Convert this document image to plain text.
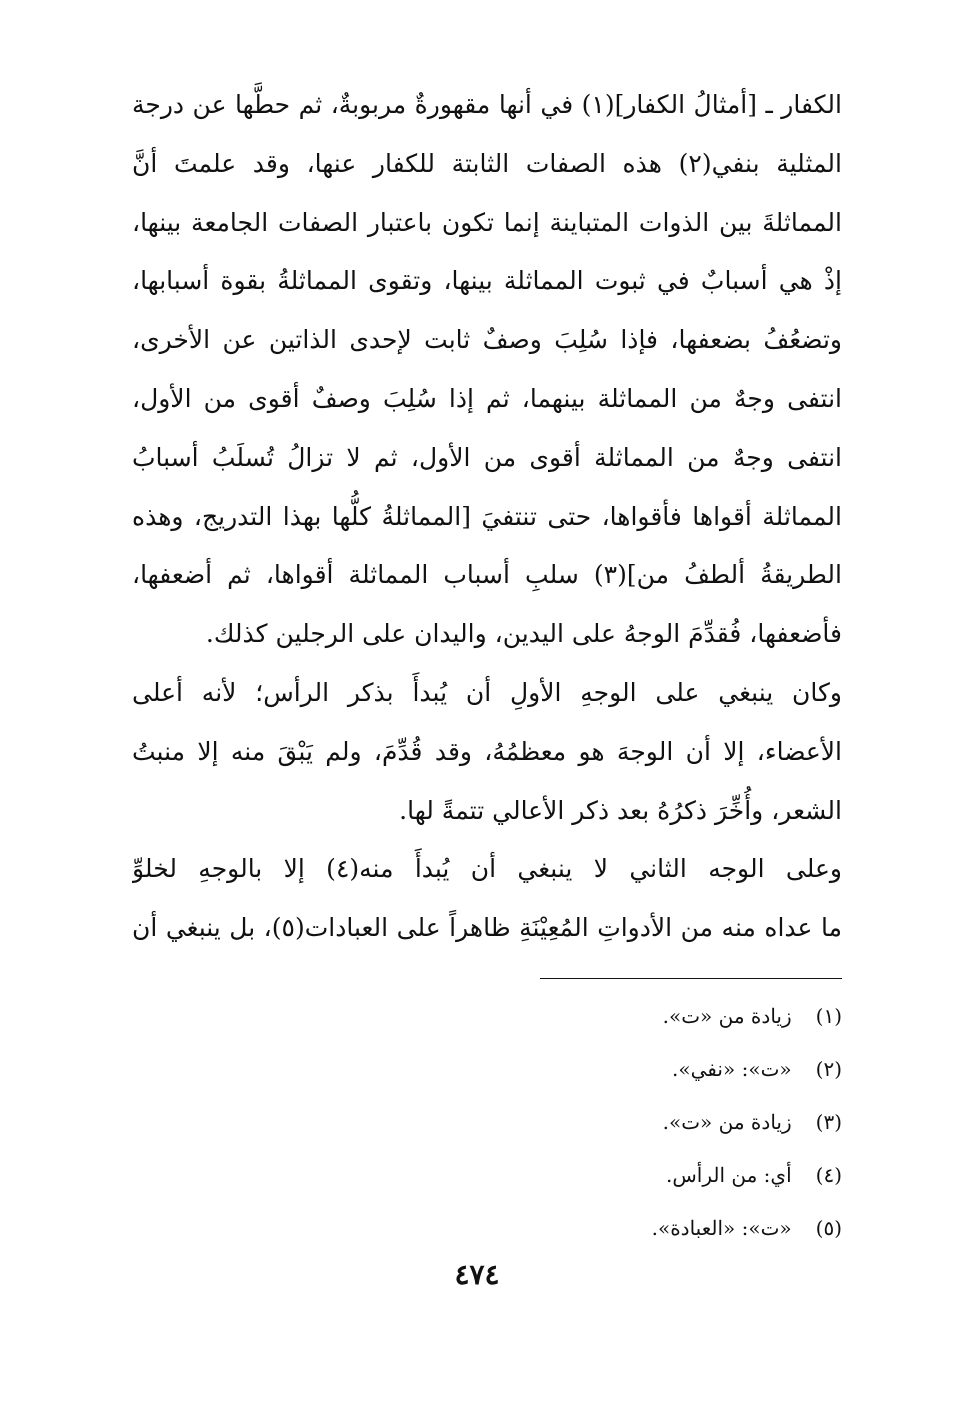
الكفار ـ [أمثالُ الكفار](١) في أنها مقهورةٌ مربوبةٌ، ثم حطَّها عن درجة
المثلية بنفي(٢) هذه الصفات الثابتة للكفار عنها، وقد علمتَ أنَّ
المماثلةَ بين الذوات المتباينة إنما تكون باعتبار الصفات الجامعة بينها،
إذْ هي أسبابٌ في ثبوت المماثلة بينها، وتقوى المماثلةُ بقوة أسبابها،
وتضعُفُ بضعفها، فإذا سُلِبَ وصفٌ ثابت لإحدى الذاتين عن الأخرى،
انتفى وجهٌ من المماثلة بينهما، ثم إذا سُلِبَ وصفٌ أقوى من الأول،
انتفى وجهٌ من المماثلة أقوى من الأول، ثم لا تزالُ تُسلَبُ أسبابُ
المماثلة أقواها فأقواها، حتى تنتفيَ [المماثلةُ كلُّها بهذا التدريج، وهذه
الطريقةُ ألطفُ من](٣) سلبِ أسباب المماثلة أقواها، ثم أضعفها،
فأضعفها، فُقدِّمَ الوجهُ على اليدين، واليدان على الرجلين كذلك.
وكان ينبغي على الوجهِ الأولِ أن يُبدأَ بذكر الرأس؛ لأنه أعلى
الأعضاء، إلا أن الوجهَ هو معظمُهُ، وقد قُدِّمَ، ولم يَبْقَ منه إلا منبتُ
الشعر، وأُخِّرَ ذكرُهُ بعد ذكر الأعالي تتمةً لها.
وعلى الوجه الثاني لا ينبغي أن يُبدأَ منه(٤) إلا بالوجهِ لخلوِّ
ما عداه منه من الأدواتِ المُعِيْنَةِ ظاهراً على العبادات(٥)، بل ينبغي أن
(١) زيادة من «ت».
(٢) «ت»: «نفي».
(٣) زيادة من «ت».
(٤) أي: من الرأس.
(٥) «ت»: «العبادة».
٤٧٤
